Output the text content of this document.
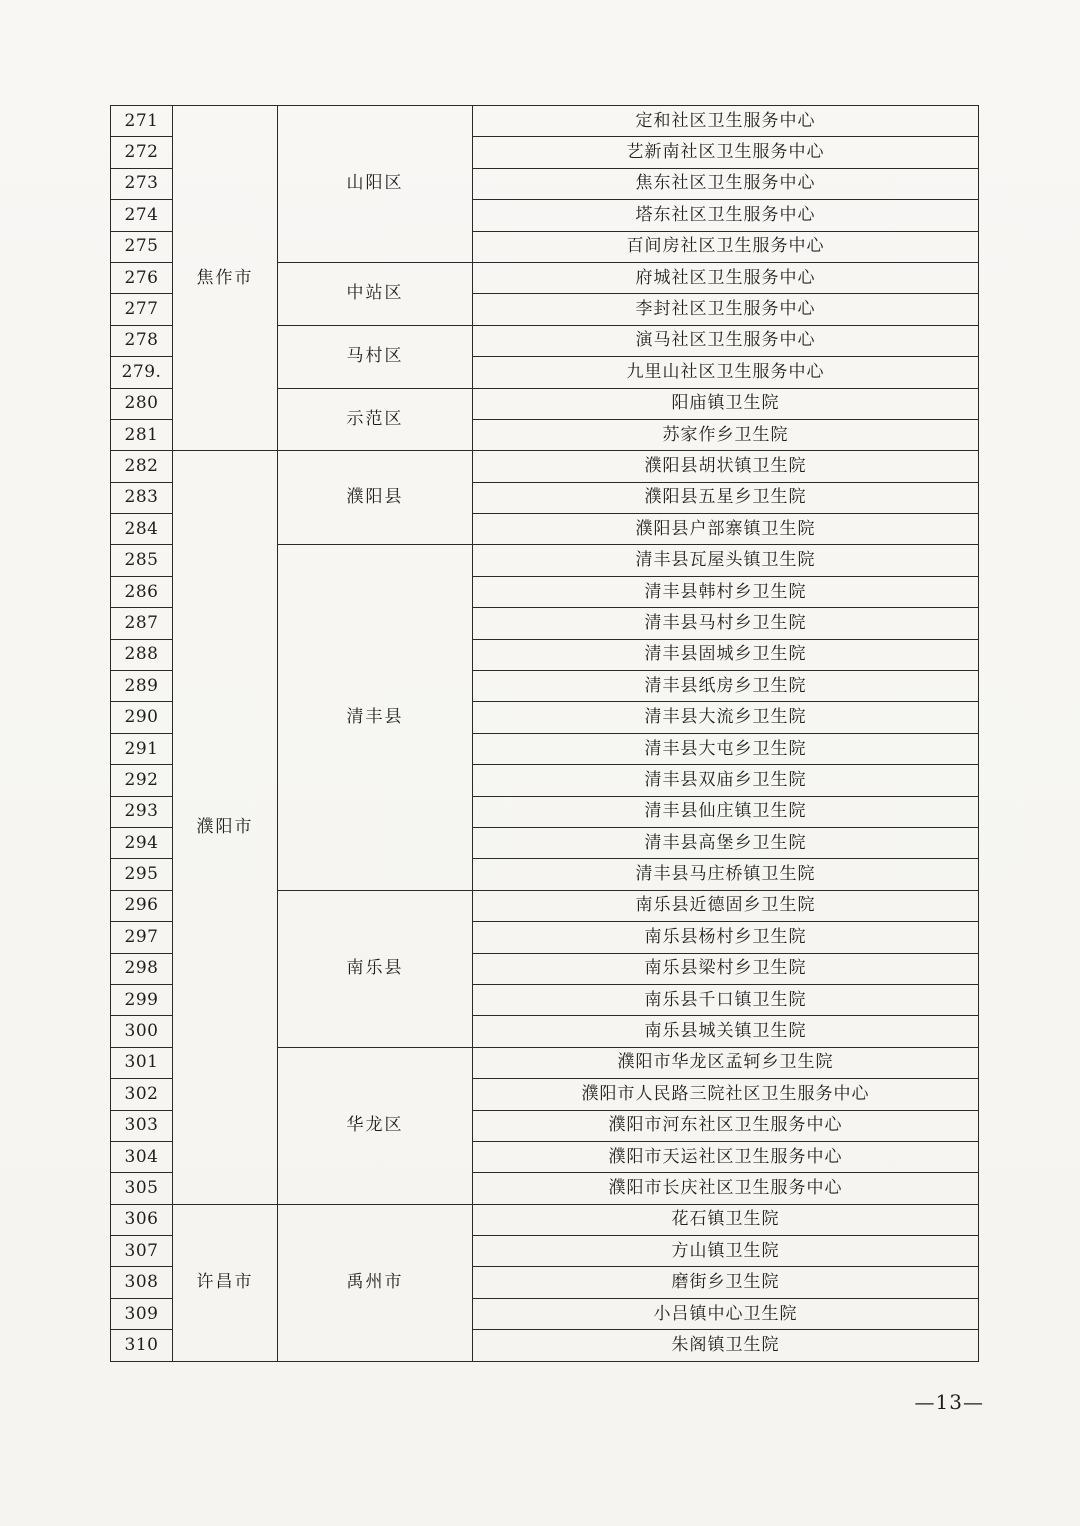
271	焦作市	山阳区	定和社区卫生服务中心
272			艺新南社区卫生服务中心
273			焦东社区卫生服务中心
274			塔东社区卫生服务中心
275			百间房社区卫生服务中心
276		中站区	府城社区卫生服务中心
277			李封社区卫生服务中心
278		马村区	演马社区卫生服务中心
279.			九里山社区卫生服务中心
280		示范区	阳庙镇卫生院
281			苏家作乡卫生院
282	濮阳市	濮阳县	濮阳县胡状镇卫生院
283			濮阳县五星乡卫生院
284			濮阳县户部寨镇卫生院
285		清丰县	清丰县瓦屋头镇卫生院
286			清丰县韩村乡卫生院
287			清丰县马村乡卫生院
288			清丰县固城乡卫生院
289			清丰县纸房乡卫生院
290			清丰县大流乡卫生院
291			清丰县大屯乡卫生院
292			清丰县双庙乡卫生院
293			清丰县仙庄镇卫生院
294			清丰县高堡乡卫生院
295			清丰县马庄桥镇卫生院
296		南乐县	南乐县近德固乡卫生院
297			南乐县杨村乡卫生院
298			南乐县梁村乡卫生院
299			南乐县千口镇卫生院
300			南乐县城关镇卫生院
301		华龙区	濮阳市华龙区孟轲乡卫生院
302			濮阳市人民路三院社区卫生服务中心
303			濮阳市河东社区卫生服务中心
304			濮阳市天运社区卫生服务中心
305			濮阳市长庆社区卫生服务中心
306	许昌市	禹州市	花石镇卫生院
307			方山镇卫生院
308			磨街乡卫生院
309			小吕镇中心卫生院
310			朱阁镇卫生院
—13—
